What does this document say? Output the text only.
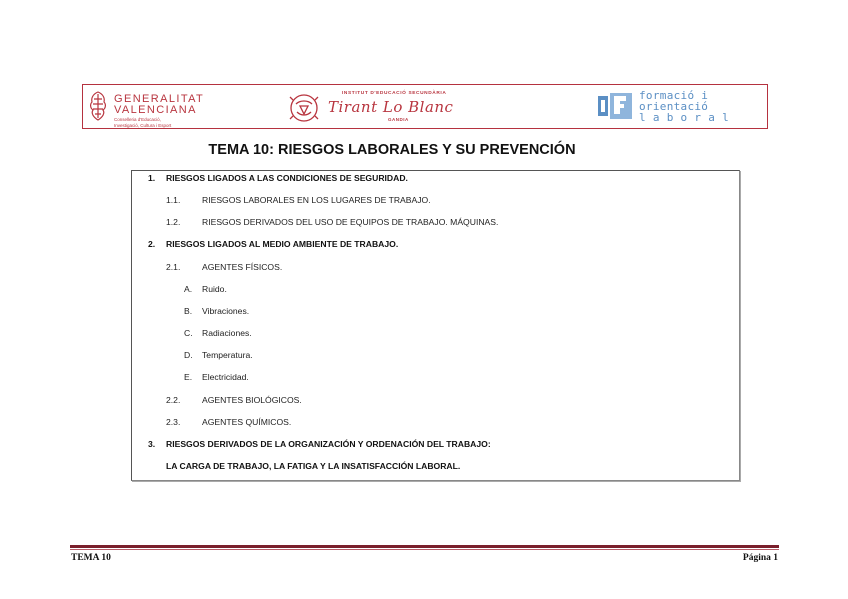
GENERALITAT
VALENCIANA
Conselleria d'Educació,
Investigació, Cultura i Esport
INSTITUT D'EDUCACIÓ SECUNDÀRIA
Tirant Lo Blanc
GANDIA
formació i
orientació
l a b o r a l
TEMA 10: RIESGOS LABORALES Y SU PREVENCIÓN
1. RIESGOS LIGADOS A LAS CONDICIONES DE SEGURIDAD.
1.1.	RIESGOS LABORALES EN LOS LUGARES DE TRABAJO.
1.2.	RIESGOS DERIVADOS DEL USO DE EQUIPOS DE TRABAJO. MÁQUINAS.
2. RIESGOS LIGADOS AL MEDIO AMBIENTE DE TRABAJO.
2.1.	AGENTES FÍSICOS.
A. Ruido.
B. Vibraciones.
C. Radiaciones.
D. Temperatura.
E. Electricidad.
2.2.	AGENTES BIOLÓGICOS.
2.3.	AGENTES QUÍMICOS.
3. RIESGOS DERIVADOS DE LA ORGANIZACIÓN Y ORDENACIÓN DEL TRABAJO:
LA CARGA DE TRABAJO, LA FATIGA Y LA INSATISFACCIÓN LABORAL.
TEMA 10	Página 1
